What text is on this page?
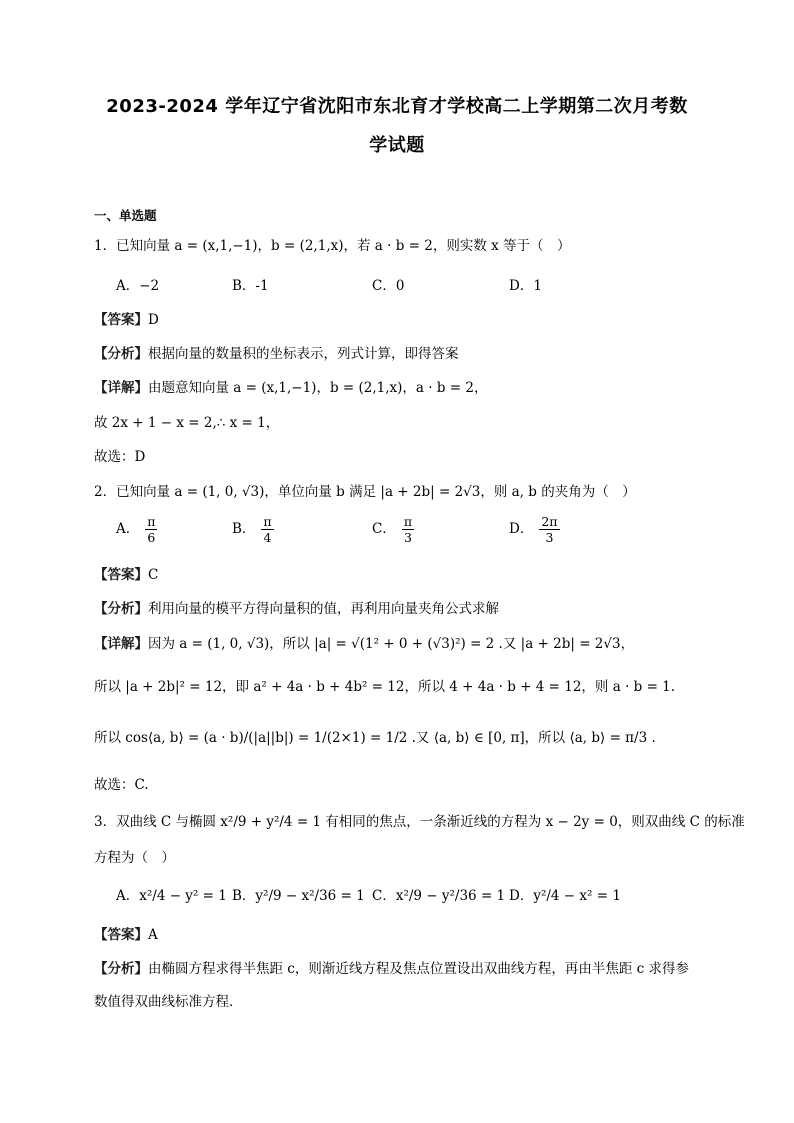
2023-2024 学年辽宁省沈阳市东北育才学校高二上学期第二次月考数
学试题
一、单选题
1．已知向量 a = (x,1,−1)，b = (2,1,x)，若 a · b = 2，则实数 x 等于（　）
A．−2	B．-1	C．0	D．1
【答案】D
【分析】根据向量的数量积的坐标表示，列式计算，即得答案
【详解】由题意知向量 a = (x,1,−1)，b = (2,1,x)，a · b = 2，
故 2x + 1 − x = 2,∴ x = 1，
故选：D
2．已知向量 a = (1, 0, √3)，单位向量 b 满足 |a + 2b| = 2√3，则 a, b 的夹角为（　）
A． $\frac{\pi}{6}$	B． $\frac{\pi}{4}$	C． $\frac{\pi}{3}$	D． $\frac{2\pi}{3}$
【答案】C
【分析】利用向量的模平方得向量积的值，再利用向量夹角公式求解
【详解】因为 a = (1, 0, √3)，所以 |a| = √(1² + 0 + (√3)²) = 2 .又 |a + 2b| = 2√3，
所以 |a + 2b|² = 12，即 a² + 4a · b + 4b² = 12，所以 4 + 4a · b + 4 = 12，则 a · b = 1.
所以 cos⟨a, b⟩ = (a · b)/(|a||b|) = 1/(2×1) = 1/2 .又 ⟨a, b⟩ ∈ [0, π]，所以 ⟨a, b⟩ = π/3 .
故选：C.
3．双曲线 C 与椭圆 x²/9 + y²/4 = 1 有相同的焦点，一条渐近线的方程为 x − 2y = 0，则双曲线 C 的标准
方程为（　）
A．x²/4 − y² = 1 B．y²/9 − x²/36 = 1 C．x²/9 − y²/36 = 1 D．y²/4 − x² = 1
【答案】A
【分析】由椭圆方程求得半焦距 c，则渐近线方程及焦点位置设出双曲线方程，再由半焦距 c 求得参
数值得双曲线标准方程．
